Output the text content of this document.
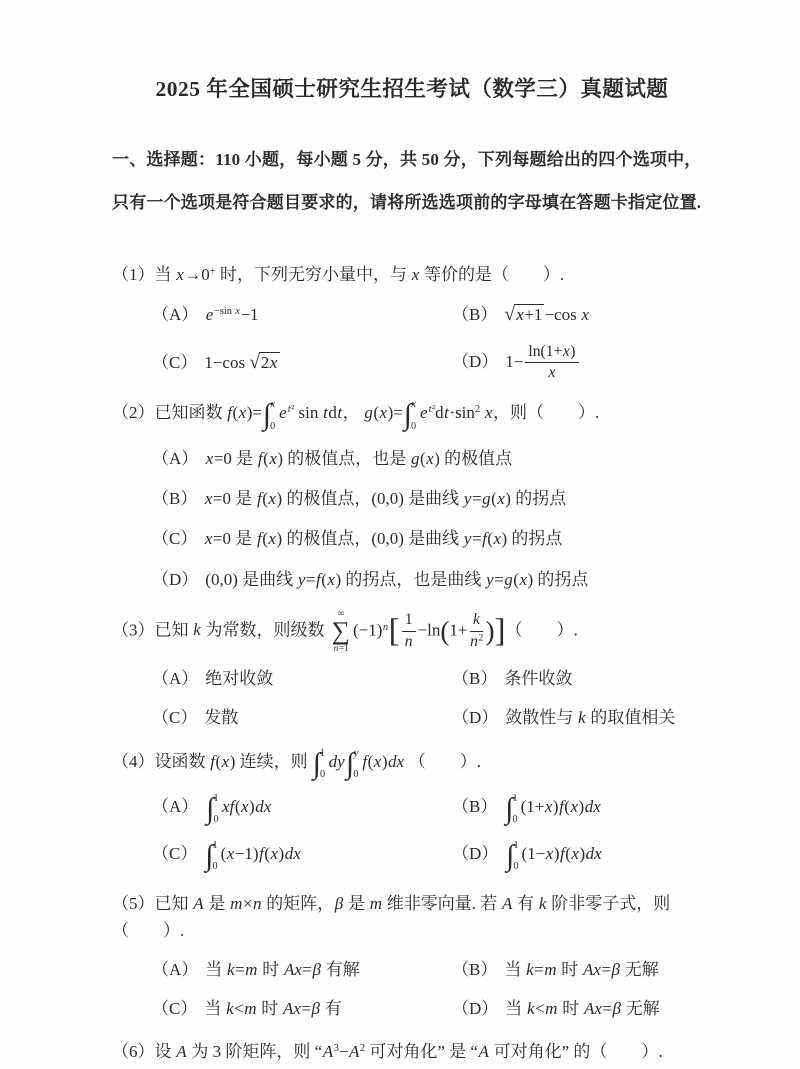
2025 年全国硕士研究生招生考试（数学三）真题试题

一、选择题：110 小题，每小题 5 分，共 50 分，下列每题给出的四个选项中，

只有一个选项是符合题目要求的，请将所选选项前的字母填在答题卡指定位置.

（1）当 x→0+ 时，下列无穷小量中，与 x 等价的是（　　）.

（A） $e^{-sin x}-1$	（B） √ x+1 −cos x
（C） 1−cos √ 2x	（D） $1- \frac{\ln(1+x)}{x}$

（2）已知函数 f(x)= ∫ x
0
$e^{t^2}$ sin tdt， g(x)= ∫ x
0
$e^{t^2}dt\cdot\sin^2$ x，则（　　）.

（A） x=0 是 f(x) 的极值点，也是 g(x) 的极值点
（B） x=0 是 f(x) 的极值点，(0,0) 是曲线 y=g(x) 的拐点
（C） x=0 是 f(x) 的极值点，(0,0) 是曲线 y=f(x) 的拐点
（D） (0,0) 是曲线 y=f(x) 的拐点，也是曲线 y=g(x) 的拐点

（3）已知 k 为常数，则级数
∞
∑
n=1
$(-1)^n[ \frac{1}{n} -\ln(1+ \frac{k}{n^2}$ )]（　　）.

（A） 绝对收敛	（B） 条件收敛
（C） 发散	（D） 敛散性与 k 的取值相关

（4）设函数 f(x) 连续，则 ∫ 1
0
dy ∫ y
0
f(x)dx （　　）.

（A） ∫ 1
0
xf(x)dx	（B） ∫ 1
0
(1+x)f(x)dx
（C） ∫ 1
0
(x−1)f(x)dx	（D） ∫ 1
0
(1−x)f(x)dx

（5）已知 A 是 m×n 的矩阵，β 是 m 维非零向量. 若 A 有 k 阶非零子式，则（　　）.

（A） 当 k=m 时 Ax=β 有解	（B） 当 k=m 时 Ax=β 无解
（C） 当 k<m 时 Ax=β 有	（D） 当 k<m 时 Ax=β 无解

（6）设 A 为 3 阶矩阵，则 “$A^3-A^2$ 可对角化” 是 “A 可对角化” 的（　　）.
